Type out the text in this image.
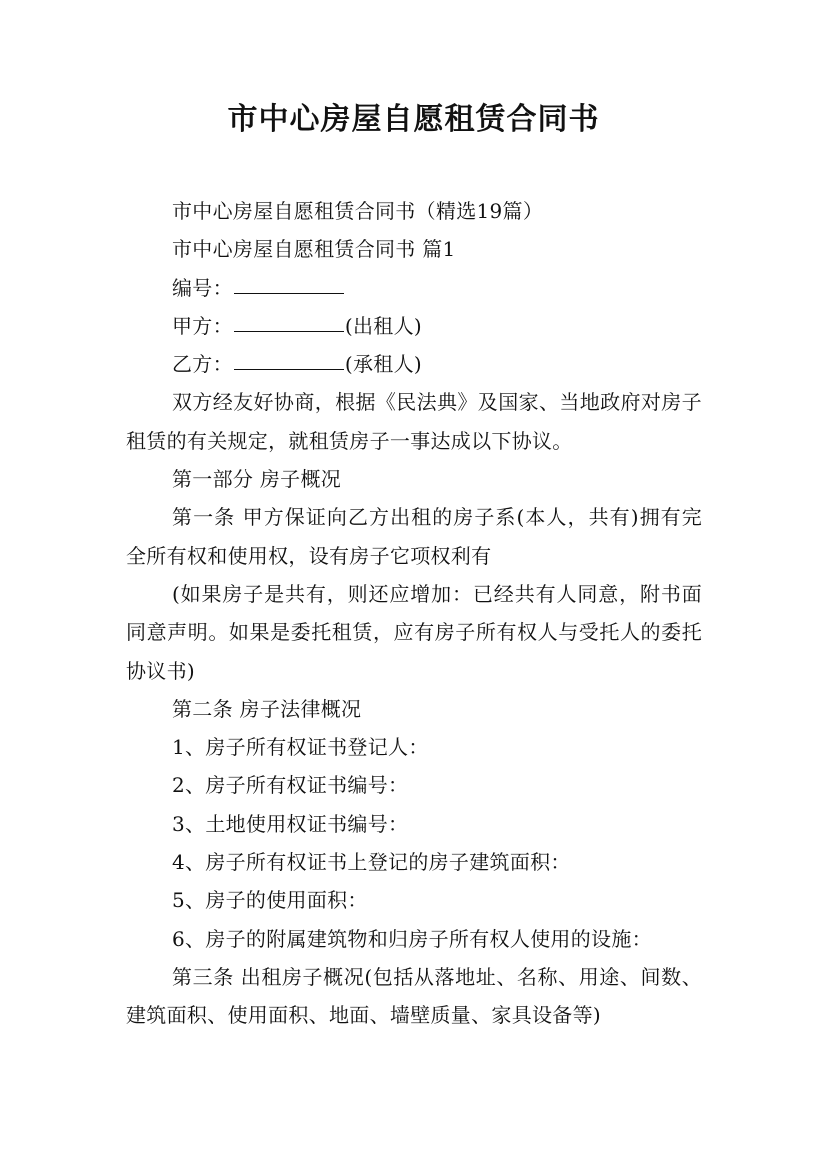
市中心房屋自愿租赁合同书

市中心房屋自愿租赁合同书（精选19篇）

市中心房屋自愿租赁合同书 篇1

编号：

甲方：	(出租人)

乙方：	(承租人)

双方经友好协商，根据《民法典》及国家、当地政府对房子租赁的有关规定，就租赁房子一事达成以下协议。

第一部分 房子概况

第一条 甲方保证向乙方出租的房子系(本人，共有)拥有完全所有权和使用权，设有房子它项权利有

(如果房子是共有，则还应增加：已经共有人同意，附书面同意声明。如果是委托租赁，应有房子所有权人与受托人的委托协议书)

第二条 房子法律概况

1、房子所有权证书登记人：

2、房子所有权证书编号：

3、土地使用权证书编号：

4、房子所有权证书上登记的房子建筑面积：

5、房子的使用面积：

6、房子的附属建筑物和归房子所有权人使用的设施：

第三条 出租房子概况(包括从落地址、名称、用途、间数、建筑面积、使用面积、地面、墙壁质量、家具设备等)
